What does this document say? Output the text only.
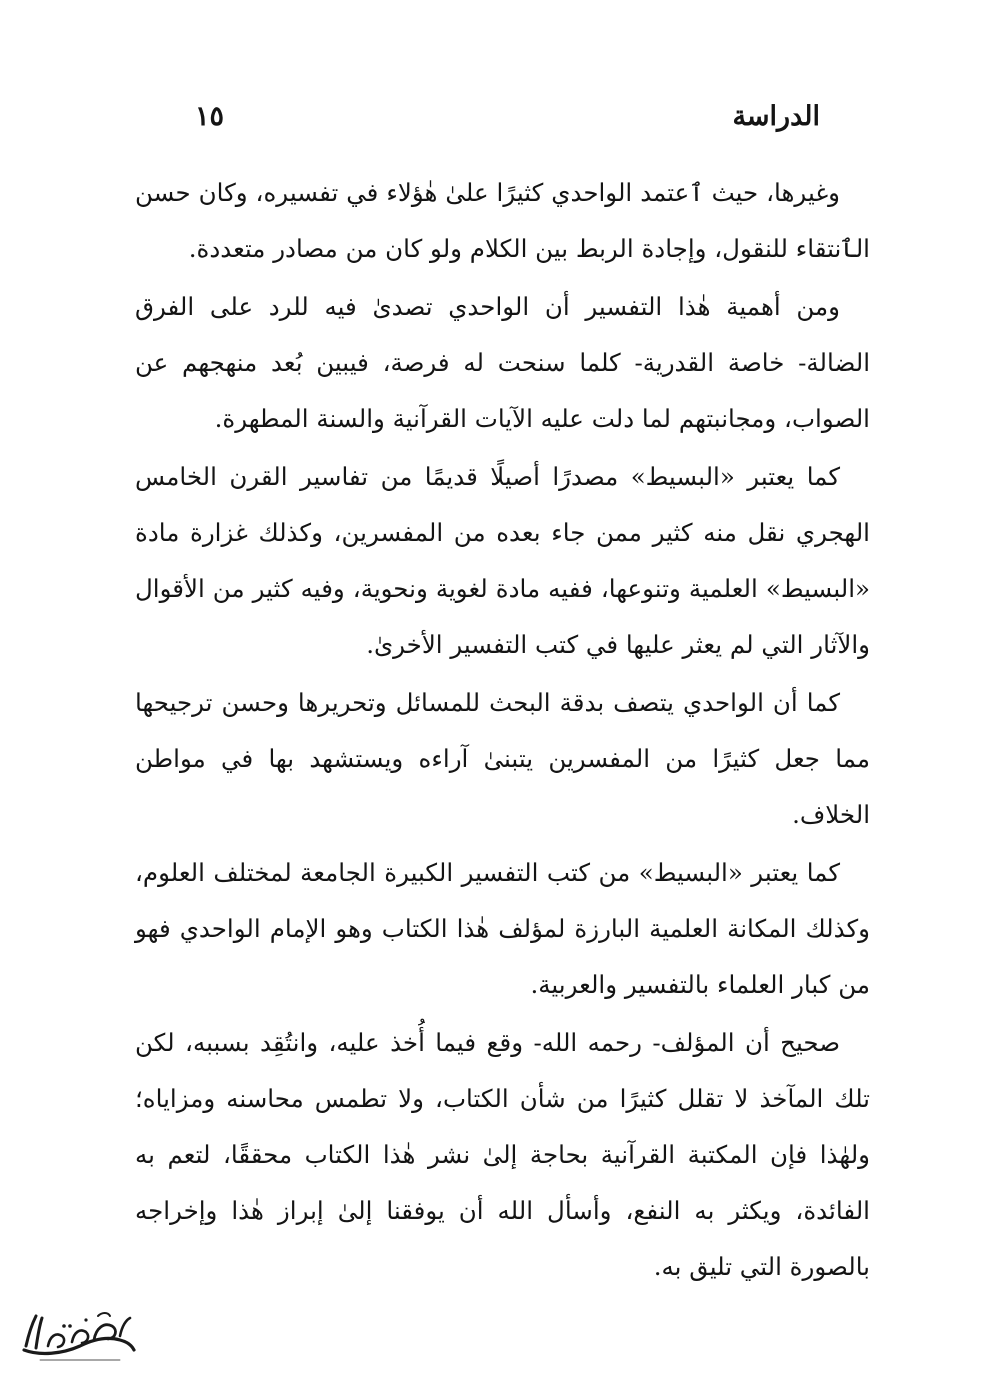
الدراسة
١٥

وغيرها، حيث ٱعتمد الواحدي كثيرًا علىٰ هٰؤلاء في تفسيره، وكان حسن الٱنتقاء للنقول، وإجادة الربط بين الكلام ولو كان من مصادر متعددة.

ومن أهمية هٰذا التفسير أن الواحدي تصدىٰ فيه للرد على الفرق الضالة- خاصة القدرية- كلما سنحت له فرصة، فيبين بُعد منهجهم عن الصواب، ومجانبتهم لما دلت عليه الآيات القرآنية والسنة المطهرة.

كما يعتبر «البسيط» مصدرًا أصيلًا قديمًا من تفاسير القرن الخامس الهجري نقل منه كثير ممن جاء بعده من المفسرين، وكذلك غزارة مادة «البسيط» العلمية وتنوعها، ففيه مادة لغوية ونحوية، وفيه كثير من الأقوال والآثار التي لم يعثر عليها في كتب التفسير الأخرىٰ.

كما أن الواحدي يتصف بدقة البحث للمسائل وتحريرها وحسن ترجيحها مما جعل كثيرًا من المفسرين يتبنىٰ آراءه ويستشهد بها في مواطن الخلاف.

كما يعتبر «البسيط» من كتب التفسير الكبيرة الجامعة لمختلف العلوم، وكذلك المكانة العلمية البارزة لمؤلف هٰذا الكتاب وهو الإمام الواحدي فهو من كبار العلماء بالتفسير والعربية.

صحيح أن المؤلف- رحمه الله- وقع فيما أُخذ عليه، وانتُقِد بسببه، لكن تلك المآخذ لا تقلل كثيرًا من شأن الكتاب، ولا تطمس محاسنه ومزاياه؛ ولهٰذا فإن المكتبة القرآنية بحاجة إلىٰ نشر هٰذا الكتاب محققًا، لتعم به الفائدة، ويكثر به النفع، وأسأل الله أن يوفقنا إلىٰ إبراز هٰذا وإخراجه بالصورة التي تليق به.
